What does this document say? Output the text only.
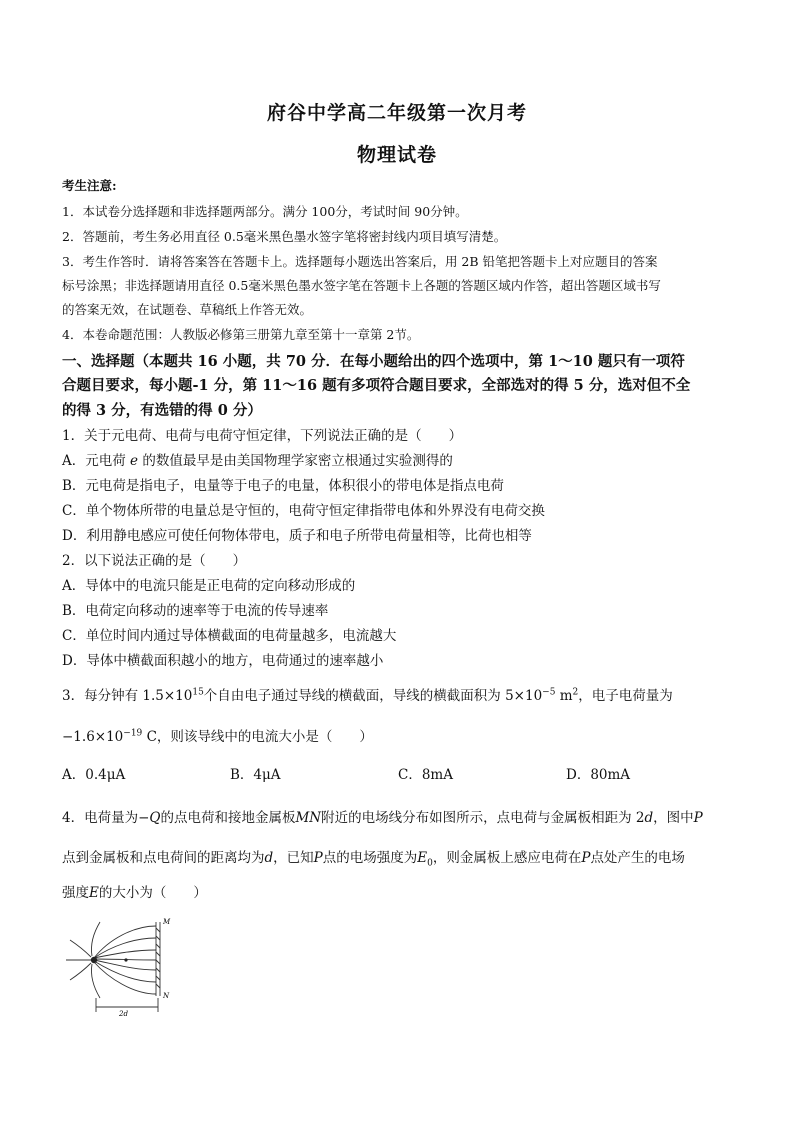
府谷中学高二年级第一次月考
物理试卷
考生注意:
1．本试卷分选择题和非选择题两部分。满分 100分，考试时间 90分钟。
2．答题前，考生务必用直径 0.5毫米黑色墨水签字笔将密封线内项目填写清楚。
3．考生作答时．请将答案答在答题卡上。选择题每小题选出答案后，用 2B 铅笔把答题卡上对应题目的答案
标号涂黑；非选择题请用直径 0.5毫米黑色墨水签字笔在答题卡上各题的答题区域内作答，超出答题区域书写
的答案无效，在试题卷、草稿纸上作答无效。
4．本卷命题范围：人教版必修第三册第九章至第十一章第 2节。
一、选择题（本题共 16 小题，共 70 分．在每小题给出的四个选项中，第 1～10 题只有一项符
合题目要求，每小题-1 分，第 11～16 题有多项符合题目要求，全部选对的得 5 分，选对但不全
的得 3 分，有选错的得 0 分）
1．关于元电荷、电荷与电荷守恒定律，下列说法正确的是（　　）
A．元电荷 e 的数值最早是由美国物理学家密立根通过实验测得的
B．元电荷是指电子，电量等于电子的电量，体积很小的带电体是指点电荷
C．单个物体所带的电量总是守恒的，电荷守恒定律指带电体和外界没有电荷交换
D．利用静电感应可使任何物体带电，质子和电子所带电荷量相等，比荷也相等
2．以下说法正确的是（　　）
A．导体中的电流只能是正电荷的定向移动形成的
B．电荷定向移动的速率等于电流的传导速率
C．单位时间内通过导体横截面的电荷量越多，电流越大
D．导体中横截面积越小的地方，电荷通过的速率越小
3．每分钟有 $1.5\times 10^{15}$个自由电子通过导线的横截面，导线的横截面积为 $5\times 10^{-5}$ $m^2$，电子电荷量为
$-1.6\times 10^{-19}$ C，则该导线中的电流大小是（　　）
A．0.4μA	B．4μA	C．8mA	D．80mA
4．电荷量为−Q的点电荷和接地金属板MN附近的电场线分布如图所示，点电荷与金属板相距为 2d，图中P
点到金属板和点电荷间的距离均为d，已知P点的电场强度为$E_0$，则金属板上感应电荷在P点处产生的电场
强度E的大小为（　　）
M
N
2d
